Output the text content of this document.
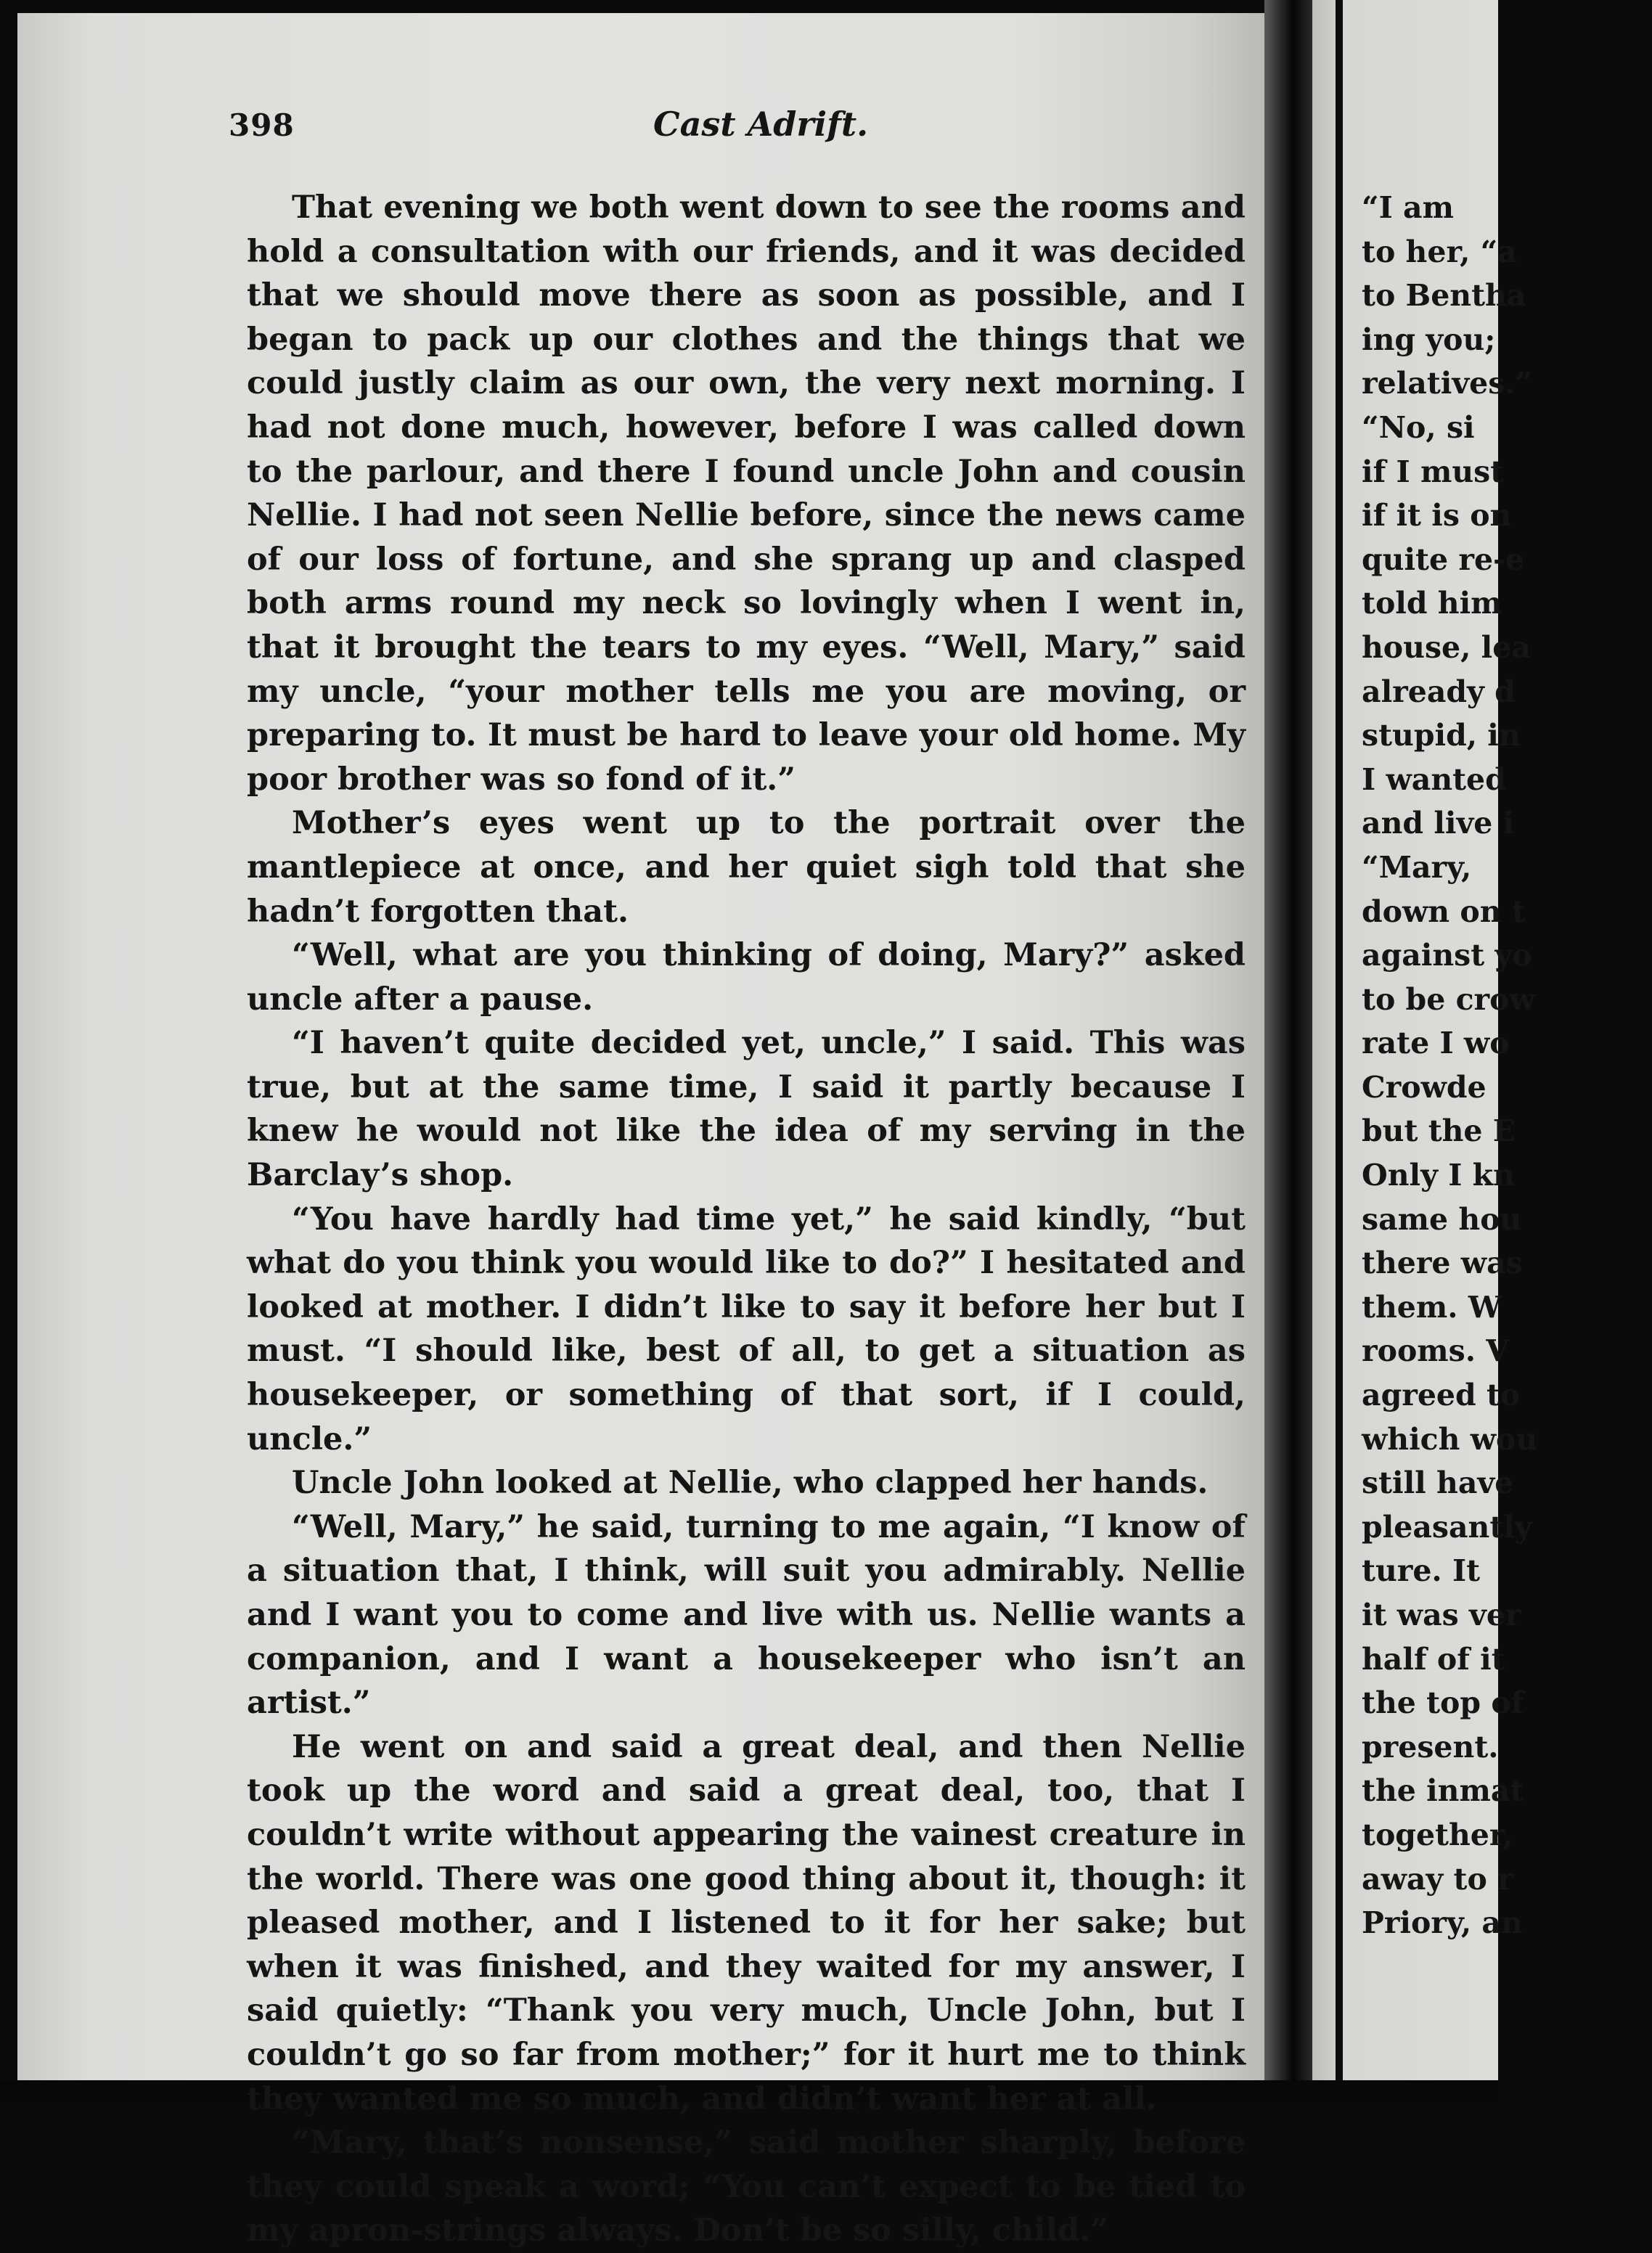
398	Cast Adrift.

That evening we both went down to see the rooms and hold a consultation with our friends, and it was decided that we should move there as soon as possible, and I began to pack up our clothes and the things that we could justly claim as our own, the very next morning. I had not done much, however, before I was called down to the parlour, and there I found uncle John and cousin Nellie. I had not seen Nellie before, since the news came of our loss of fortune, and she sprang up and clasped both arms round my neck so lovingly when I went in, that it brought the tears to my eyes. “Well, Mary,” said my uncle, “your mother tells me you are moving, or preparing to. It must be hard to leave your old home. My poor brother was so fond of it.”

Mother’s eyes went up to the portrait over the mantlepiece at once, and her quiet sigh told that she hadn’t forgotten that.

“Well, what are you thinking of doing, Mary?” asked uncle after a pause.

“I haven’t quite decided yet, uncle,” I said. This was true, but at the same time, I said it partly because I knew he would not like the idea of my serving in the Barclay’s shop.

“You have hardly had time yet,” he said kindly, “but what do you think you would like to do?” I hesitated and looked at mother. I didn’t like to say it before her but I must. “I should like, best of all, to get a situation as housekeeper, or something of that sort, if I could, uncle.”

Uncle John looked at Nellie, who clapped her hands.

“Well, Mary,” he said, turning to me again, “I know of a situation that, I think, will suit you admirably. Nellie and I want you to come and live with us. Nellie wants a companion, and I want a housekeeper who isn’t an artist.”

He went on and said a great deal, and then Nellie took up the word and said a great deal, too, that I couldn’t write without appearing the vainest creature in the world. There was one good thing about it, though: it pleased mother, and I listened to it for her sake; but when it was finished, and they waited for my answer, I said quietly: “Thank you very much, Uncle John, but I couldn’t go so far from mother;” for it hurt me to think they wanted me so much, and didn’t want her at all.

“Mary, that’s nonsense,” said mother sharply, before they could speak a word; “You can’t expect to be tied to my apron-strings always. Don’t be so silly, child.”

“I am
to her, “a
to Bentha
ing you;
relatives.”
“No, si
if I must
if it is on
quite re-e
told him
house, lea
already d
stupid, in
I wanted
and live i
“Mary,
down on t
against yo
to be crow
rate I wo
Crowde
but the E
Only I kn
same hou
there was
them. W
rooms. V
agreed to
which wou
still have
pleasantly
ture. It
it was ver
half of it
the top of
present.
the inmat
together,
away to r
Priory, an
